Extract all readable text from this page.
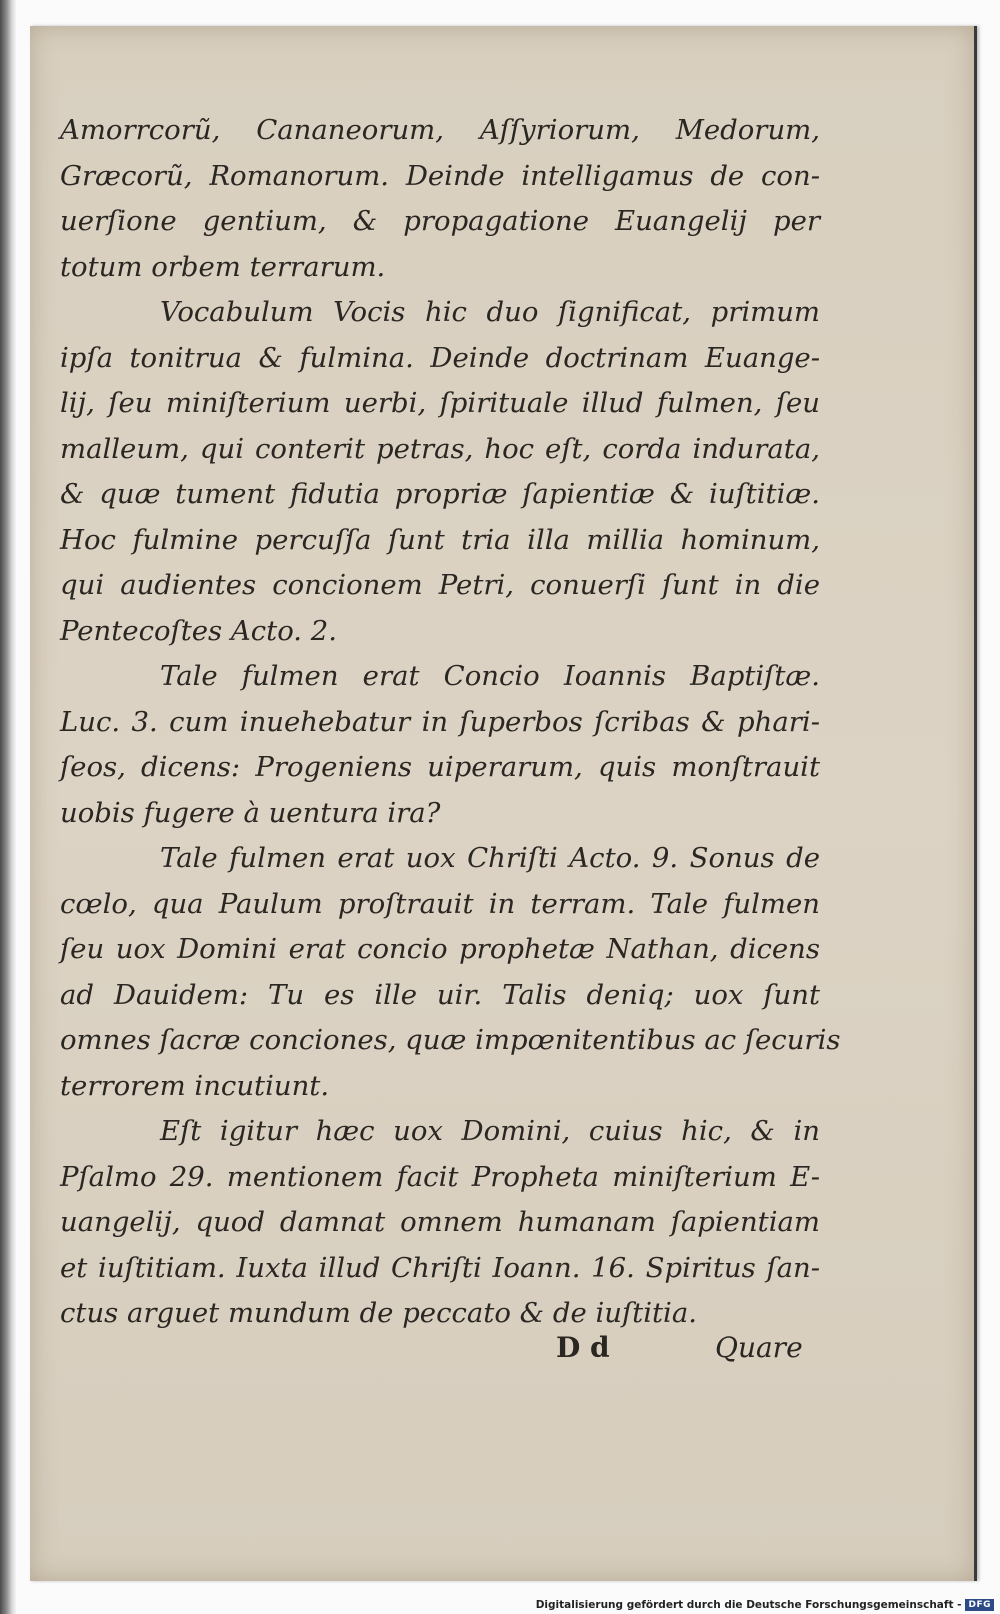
Amorrcorũ, Cananeorum, Aſſyriorum, Medorum,
Græcorũ, Romanorum. Deinde intelligamus de con-
uerſione gentium, & propagatione Euangelij per
totum orbem terrarum.
Vocabulum Vocis hic duo ſignificat, primum
ipſa tonitrua & fulmina. Deinde doctrinam Euange-
lij, ſeu miniſterium uerbi, ſpirituale illud fulmen, ſeu
malleum, qui conterit petras, hoc eſt, corda indurata,
& quæ tument fidutia propriæ ſapientiæ & iuſtitiæ.
Hoc fulmine percuſſa ſunt tria illa millia hominum,
qui audientes concionem Petri, conuerſi ſunt in die
Pentecoſtes Acto. 2.
Tale fulmen erat Concio Ioannis Baptiſtæ.
Luc. 3. cum inuehebatur in ſuperbos ſcribas & phari-
ſeos, dicens: Progeniens uiperarum, quis monſtrauit
uobis fugere à uentura ira?
Tale fulmen erat uox Chriſti Acto. 9. Sonus de
cœlo, qua Paulum proſtrauit in terram. Tale fulmen
ſeu uox Domini erat concio prophetæ Nathan, dicens
ad Dauidem: Tu es ille uir. Talis deniq; uox ſunt
omnes ſacræ conciones, quæ impœnitentibus ac ſecuris
terrorem incutiunt.
Eſt igitur hæc uox Domini, cuius hic, & in
Pſalmo 29. mentionem facit Propheta miniſterium E-
uangelij, quod damnat omnem humanam ſapientiam
et iuſtitiam. Iuxta illud Chriſti Ioann. 16. Spiritus ſan-
ctus arguet mundum de peccato & de iuſtitia.
D d	Quare
Digitalisierung gefördert durch die Deutsche Forschungsgemeinschaft - DFG
